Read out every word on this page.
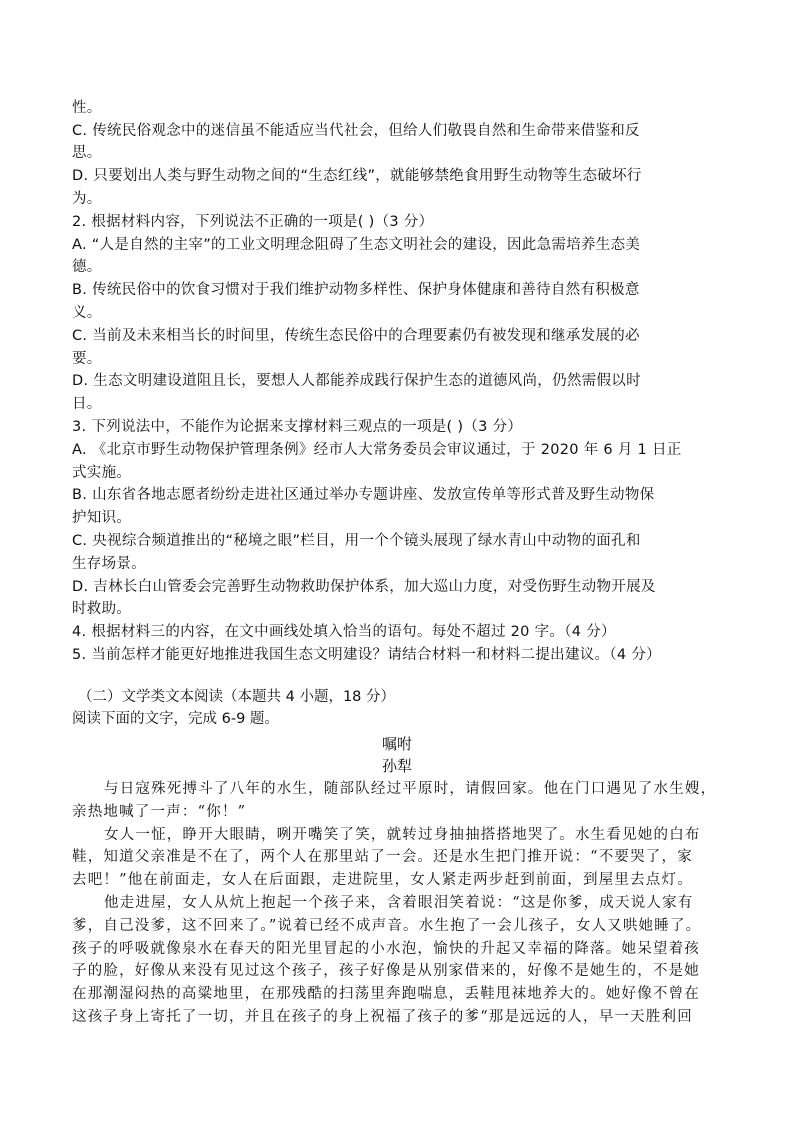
性。
C. 传统民俗观念中的迷信虽不能适应当代社会，但给人们敬畏自然和生命带来借鉴和反
思。
D. 只要划出人类与野生动物之间的“生态红线”，就能够禁绝食用野生动物等生态破坏行
为。
2. 根据材料内容，下列说法不正确的一项是( )（3 分）
A. “人是自然的主宰”的工业文明理念阻碍了生态文明社会的建设，因此急需培养生态美
德。
B. 传统民俗中的饮食习惯对于我们维护动物多样性、保护身体健康和善待自然有积极意
义。
C. 当前及未来相当长的时间里，传统生态民俗中的合理要素仍有被发现和继承发展的必
要。
D. 生态文明建设道阻且长，要想人人都能养成践行保护生态的道德风尚，仍然需假以时
日。
3. 下列说法中，不能作为论据来支撑材料三观点的一项是( )（3 分）
A. 《北京市野生动物保护管理条例》经市人大常务委员会审议通过，于 2020 年 6 月 1 日正
式实施。
B. 山东省各地志愿者纷纷走进社区通过举办专题讲座、发放宣传单等形式普及野生动物保
护知识。
C. 央视综合频道推出的“秘境之眼”栏目，用一个个镜头展现了绿水青山中动物的面孔和
生存场景。
D. 吉林长白山管委会完善野生动物救助保护体系，加大巡山力度，对受伤野生动物开展及
时救助。
4. 根据材料三的内容，在文中画线处填入恰当的语句。每处不超过 20 字。（4 分）
5. 当前怎样才能更好地推进我国生态文明建设？请结合材料一和材料二提出建议。（4 分）
（二）文学类文本阅读（本题共 4 小题，18 分）
阅读下面的文字，完成 6-9 题。
嘱咐
孙犁
与日寇殊死搏斗了八年的水生，随部队经过平原时，请假回家。他在门口遇见了水生嫂，
亲热地喊了一声：“你！”
女人一怔，睁开大眼睛，咧开嘴笑了笑，就转过身抽抽搭搭地哭了。水生看见她的白布
鞋，知道父亲准是不在了，两个人在那里站了一会。还是水生把门推开说：“不要哭了，家
去吧！”他在前面走，女人在后面跟，走进院里，女人紧走两步赶到前面，到屋里去点灯。
他走进屋，女人从炕上抱起一个孩子来，含着眼泪笑着说：“这是你爹，成天说人家有
爹，自己没爹，这不回来了。”说着已经不成声音。水生抱了一会儿孩子，女人又哄她睡了。
孩子的呼吸就像泉水在春天的阳光里冒起的小水泡，愉快的升起又幸福的降落。她呆望着孩
子的脸，好像从来没有见过这个孩子，孩子好像是从别家借来的，好像不是她生的，不是她
在那潮湿闷热的高粱地里，在那残酷的扫荡里奔跑喘息，丢鞋甩袜地养大的。她好像不曾在
这孩子身上寄托了一切，并且在孩子的身上祝福了孩子的爹“那是远远的人，早一天胜利回
